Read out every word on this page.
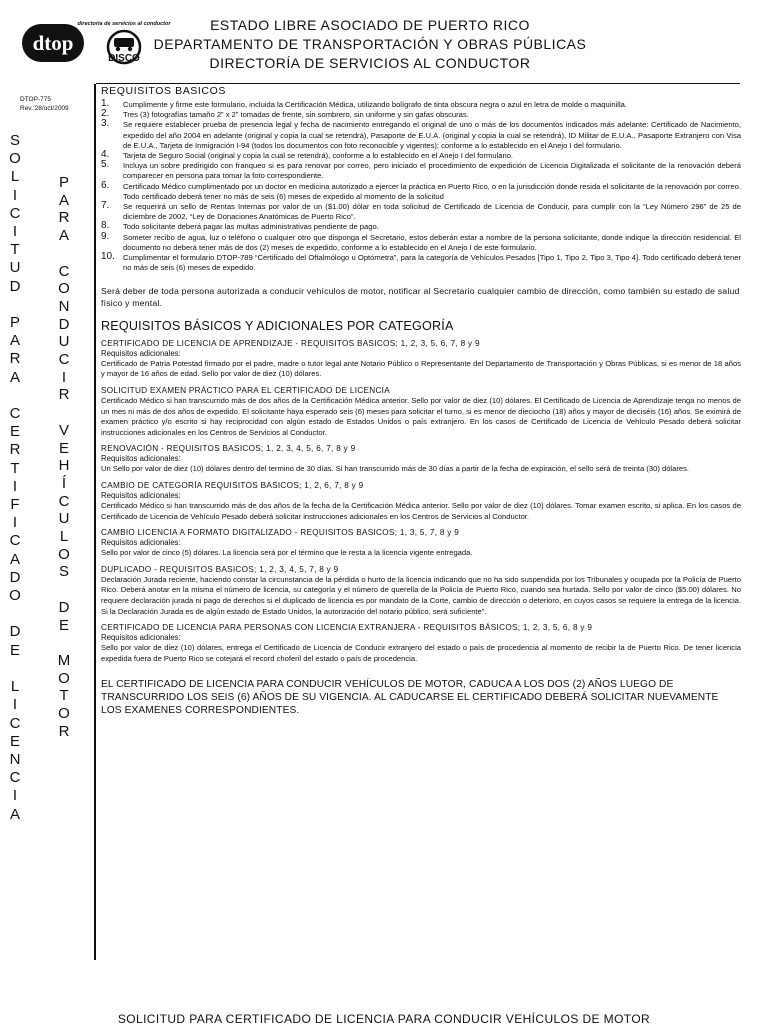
dtop
directoria de servicios al conductor
DISCO
ESTADO LIBRE ASOCIADO DE PUERTO RICO
DEPARTAMENTO DE TRANSPORTACIÓN Y OBRAS PÚBLICAS
DIRECTORÍA DE SERVICIOS AL CONDUCTOR
DTOP-775
Rev. 28/oct/2009
S
O
L
I
C
I
T
U
D

P
A
R
A

C
E
R
T
I
F
I
C
A
D
O

D
E

L
I
C
E
N
C
I
A
P
A
R
A

C
O
N
D
U
C
I
R

V
E
H
Í
C
U
L
O
S

D
E

M
O
T
O
R
REQUISITOS BASICOS
1. Cumplimente y firme este formulario, incluida la Certificación Médica, utilizando bolígrafo de tinta obscura negra o azul en letra de molde o maquinilla.
2. Tres (3) fotografías tamaño 2” x 2” tomadas de frente, sin sombrero, sin uniforme y sin gafas obscuras.
3. Se requiere establecer prueba de presencia legal y fecha de nacimiento entregando el original de uno o más de los documentos indicados más adelante: Certificado de Nacimiento, expedido del año 2004 en adelante (original y copia la cual se retendrá), Pasaporte de E.U.A. (original y copia la cual se retendrá), ID Militar de E.U.A., Pasaporte Extranjero con Visa de E.U.A., Tarjeta de Inmigración I-94 (todos los documentos con foto reconocible y vigentes); conforme a lo establecido en el Anejo I del formulario.
4. Tarjeta de Seguro Social (original y copia la cual se retendrá), conforme a lo establecido en el Anejo I del formulario.
5. Incluya un sobre predirigido con franqueo si es para renovar por correo, pero iniciado el procedimiento de expedición de Licencia Digitalizada el solicitante de la renovación deberá comparecer en persona para tomar la foto correspondiente.
6. Certificado Médico cumplimentado por un doctor en medicina autorizado a ejercer la práctica en Puerto Rico, o en la jurisdicción donde resida el solicitante de la renovación por correo. Todo certificado deberá tener no más de seis (6) meses de expedido al momento de la solicitud
7. Se requerirá un sello de Rentas Internas por valor de un ($1.00) dólar en toda solicitud de Certificado de Licencia de Conducir, para cumplir con la “Ley Número 296” de 25 de diciembre de 2002, “Ley de Donaciones Anatómicas de Puerto Rico”.
8. Todo solicitante deberá pagar las multas administrativas pendiente de pago.
9. Someter recibo de agua, luz o teléfono o cualquier otro que disponga el Secretario, estos deberán estar a nombre de la persona solicitante, donde indique la dirección residencial. El documento no deberá tener más de dos (2) meses de expedido, conforme a lo establecido en el Anejo I de este formulario.
10. Cumplimentar el formulario DTOP-789 “Certificado del Oftalmólogo u Optómetra”, para la categoría de Vehículos Pesados [Tipo 1, Tipo 2, Tipo 3, Tipo 4]. Todo certificado deberá tener no más de seis (6) meses de expedido.
Será deber de toda persona autorizada a conducir vehículos de motor, notificar al Secretario cualquier cambio de dirección, como también su estado de salud físico y mental.
REQUISITOS BÁSICOS Y ADICIONALES POR CATEGORÍA
CERTIFICADO DE LICENCIA DE APRENDIZAJE - REQUISITOS BASICOS; 1, 2, 3, 5, 6, 7, 8 y 9
Requisitos adicionales:
Certificado de Patria Potestad firmado por el padre, madre o tutor legal ante Notario Público o Representante del Departamento de Transportación y Obras Públicas, si es menor de 18 años y mayor de 16 años de edad. Sello por valor de diez (10) dólares.
SOLICITUD EXAMEN PRÁCTICO PARA EL CERTIFICADO DE LICENCIA
Certificado Médico si han transcurrido más de dos años de la Certificación Médica anterior. Sello por valor de diez (10) dólares. El Certificado de Licencia de Aprendizaje tenga no menos de un mes ni más de dos años de expedido. El solicitante haya esperado seis (6) meses para solicitar el turno, si es menor de dieciocho (18) años y mayor de dieciséis (16) años. Se eximirá de examen práctico y/o escrito si hay reciprocidad con algún estado de Estados Unidos o país extranjero. En los casos de Certificado de Licencia de Vehículo Pesado deberá solicitar instrucciones adicionales en los Centros de Servicios al Conductor.
RENOVACIÓN - REQUISITOS BASICOS; 1, 2, 3, 4, 5, 6, 7, 8 y 9
Requisitos adicionales:
Un Sello por valor de diez (10) dólares dentro del termino de 30 días. Si han transcurrido más de 30 días a partir de la fecha de expiración, el sello será de treinta (30) dólares.
CAMBIO DE CATEGORÍA REQUISITOS BASICOS; 1, 2, 6, 7, 8 y 9
Requisitos adicionales:
Certificado Médico si han transcurrido más de dos años de la fecha de la Certificación Médica anterior. Sello por valor de diez (10) dólares. Tomar examen escrito, si aplica. En los casos de Certificado de Licencia de Vehículo Pesado deberá solicitar instrucciones adicionales en los Centros de Servicios al Conductor.
CAMBIO LICENCIA A FORMATO DIGITALIZADO - REQUISITOS BASICOS; 1, 3, 5, 7, 8 y 9
Requisitos adicionales:
Sello por valor de cinco (5) dólares. La licencia será por el término que le resta a la licencia vigente entregada.
DUPLICADO - REQUISITOS BASICOS; 1, 2, 3, 4, 5, 7, 8 y 9
Declaración Jurada reciente, haciendo constar la circunstancia de la pérdida o hurto de la licencia indicando que no ha sido suspendida por los Tribunales y ocupada por la Policía de Puerto Rico. Deberá anotar en la misma el número de licencia, su categoría y el número de querella de la Policía de Puerto Rico, cuando sea hurtada. Sello por valor de cinco ($5.00) dólares. No requiere declaración jurada ni pago de derechos si el duplicado de licencia es por mandato de la Corte, cambio de dirección o deterioro, en cuyos casos se requiere la entrega de la licencia. Si la Declaración Jurada es de algún estado de Estado Unidos, la autorización del notario público, será suficiente”.
CERTIFICADO DE LICENCIA PARA PERSONAS CON LICENCIA EXTRANJERA - REQUISITOS BÁSICOS; 1, 2, 3, 5, 6, 8 y 9
Requisitos adicionales:
Sello por valor de diez (10) dólares, entrega el Certificado de Licencia de Conducir extranjero del estado o país de procedencia al momento de recibir la de Puerto Rico. De tener licencia expedida fuera de Puerto Rico se cotejará el record choferil del estado o país de procedencia.
EL CERTIFICADO DE LICENCIA PARA CONDUCIR VEHÍCULOS DE MOTOR, CADUCA A LOS DOS (2) AÑOS LUEGO DE TRANSCURRIDO LOS SEIS (6) AÑOS DE SU VIGENCIA. AL CADUCARSE EL CERTIFICADO DEBERÁ SOLICITAR NUEVAMENTE LOS EXAMENES CORRESPONDIENTES.
SOLICITUD PARA CERTIFICADO DE LICENCIA PARA CONDUCIR VEHÍCULOS DE MOTOR
